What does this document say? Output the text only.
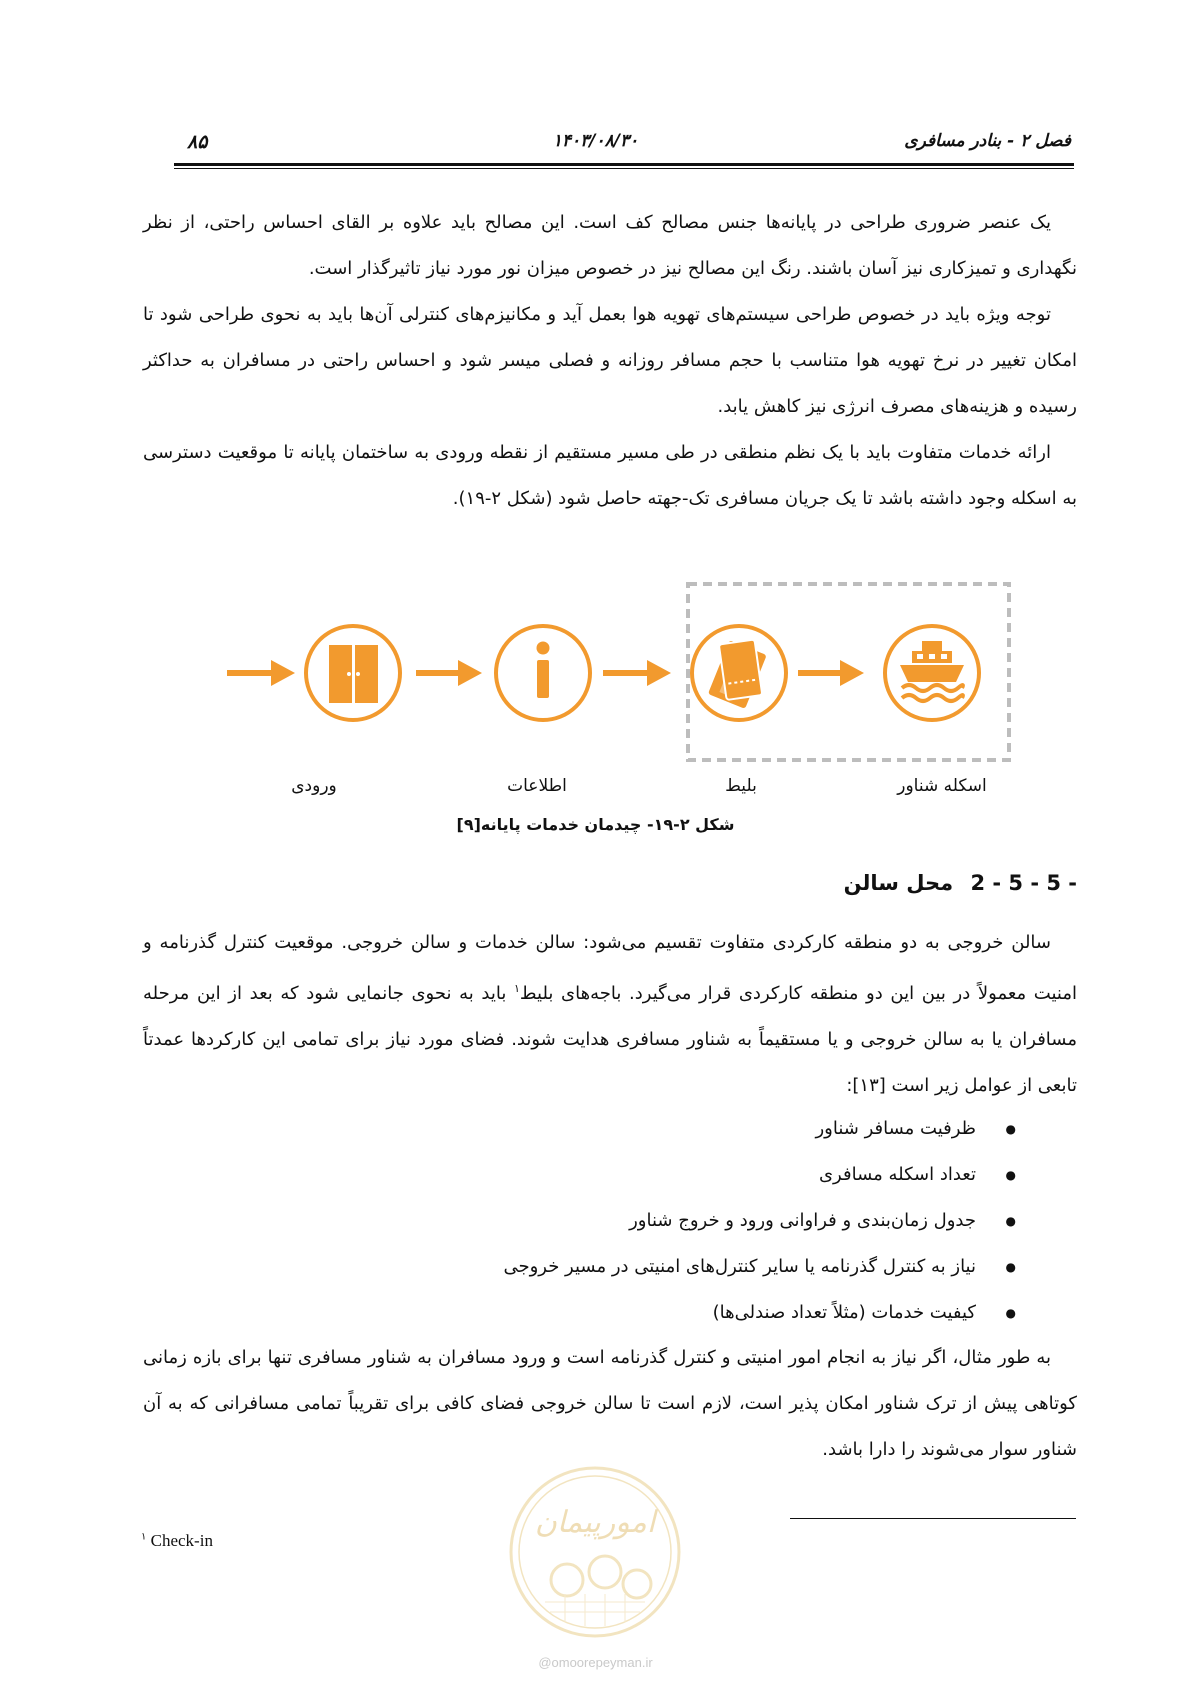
فصل ۲ - بنادر مسافری
۱۴۰۳/۰۸/۳۰
۸۵

یک عنصر ضروری طراحی در پایانه‌ها جنس مصالح کف است. این مصالح باید علاوه بر القای احساس راحتی، از نظر نگهداری و تمیزکاری نیز آسان باشند. رنگ این مصالح نیز در خصوص میزان نور مورد نیاز تاثیرگذار است.

توجه ویژه باید در خصوص طراحی سیستم‌های تهویه هوا بعمل آید و مکانیزم‌های کنترلی آن‌ها باید به نحوی طراحی شود تا امکان تغییر در نرخ تهویه هوا متناسب با حجم مسافر روزانه و فصلی میسر شود و احساس راحتی در مسافران به حداکثر رسیده و هزینه‌های مصرف انرژی نیز کاهش یابد.

ارائه خدمات متفاوت باید با یک نظم منطقی در طی مسیر مستقیم از نقطه ورودی به ساختمان پایانه تا موقعیت دسترسی به اسکله وجود داشته باشد تا یک جریان مسافری تک-جهته حاصل شود (شکل ۲-۱۹).

ورودی	اطلاعات	بلیط	اسکله شناور
شکل ۲-۱۹- چیدمان خدمات پایانه[۹]
2 - 5 - 5 - محل سالن

سالن خروجی به دو منطقه کارکردی متفاوت تقسیم می‌شود: سالن خدمات و سالن خروجی. موقعیت کنترل گذرنامه و امنیت معمولاً در بین این دو منطقه کارکردی قرار می‌گیرد. باجه‌های بلیط$^۱$ باید به نحوی جانمایی شود که بعد از این مرحله مسافران یا به سالن خروجی و یا مستقیماً به شناور مسافری هدایت شوند. فضای مورد نیاز برای تمامی این کارکردها عمدتاً تابعی از عوامل زیر است [۱۳]:

● ظرفیت مسافر شناور
● تعداد اسکله مسافری
● جدول زمان‌بندی و فراوانی ورود و خروج شناور
● نیاز به کنترل گذرنامه یا سایر کنترل‌های امنیتی در مسیر خروجی
● کیفیت خدمات (مثلاً تعداد صندلی‌ها)

به طور مثال، اگر نیاز به انجام امور امنیتی و کنترل گذرنامه است و ورود مسافران به شناور مسافری تنها برای بازه زمانی کوتاهی پیش از ترک شناور امکان پذیر است، لازم است تا سالن خروجی فضای کافی برای تقریباً تمامی مسافرانی که به آن شناور سوار می‌شوند را دارا باشد.

$^۱$ Check-in
امورپیمان
@omoorepeyman.ir
